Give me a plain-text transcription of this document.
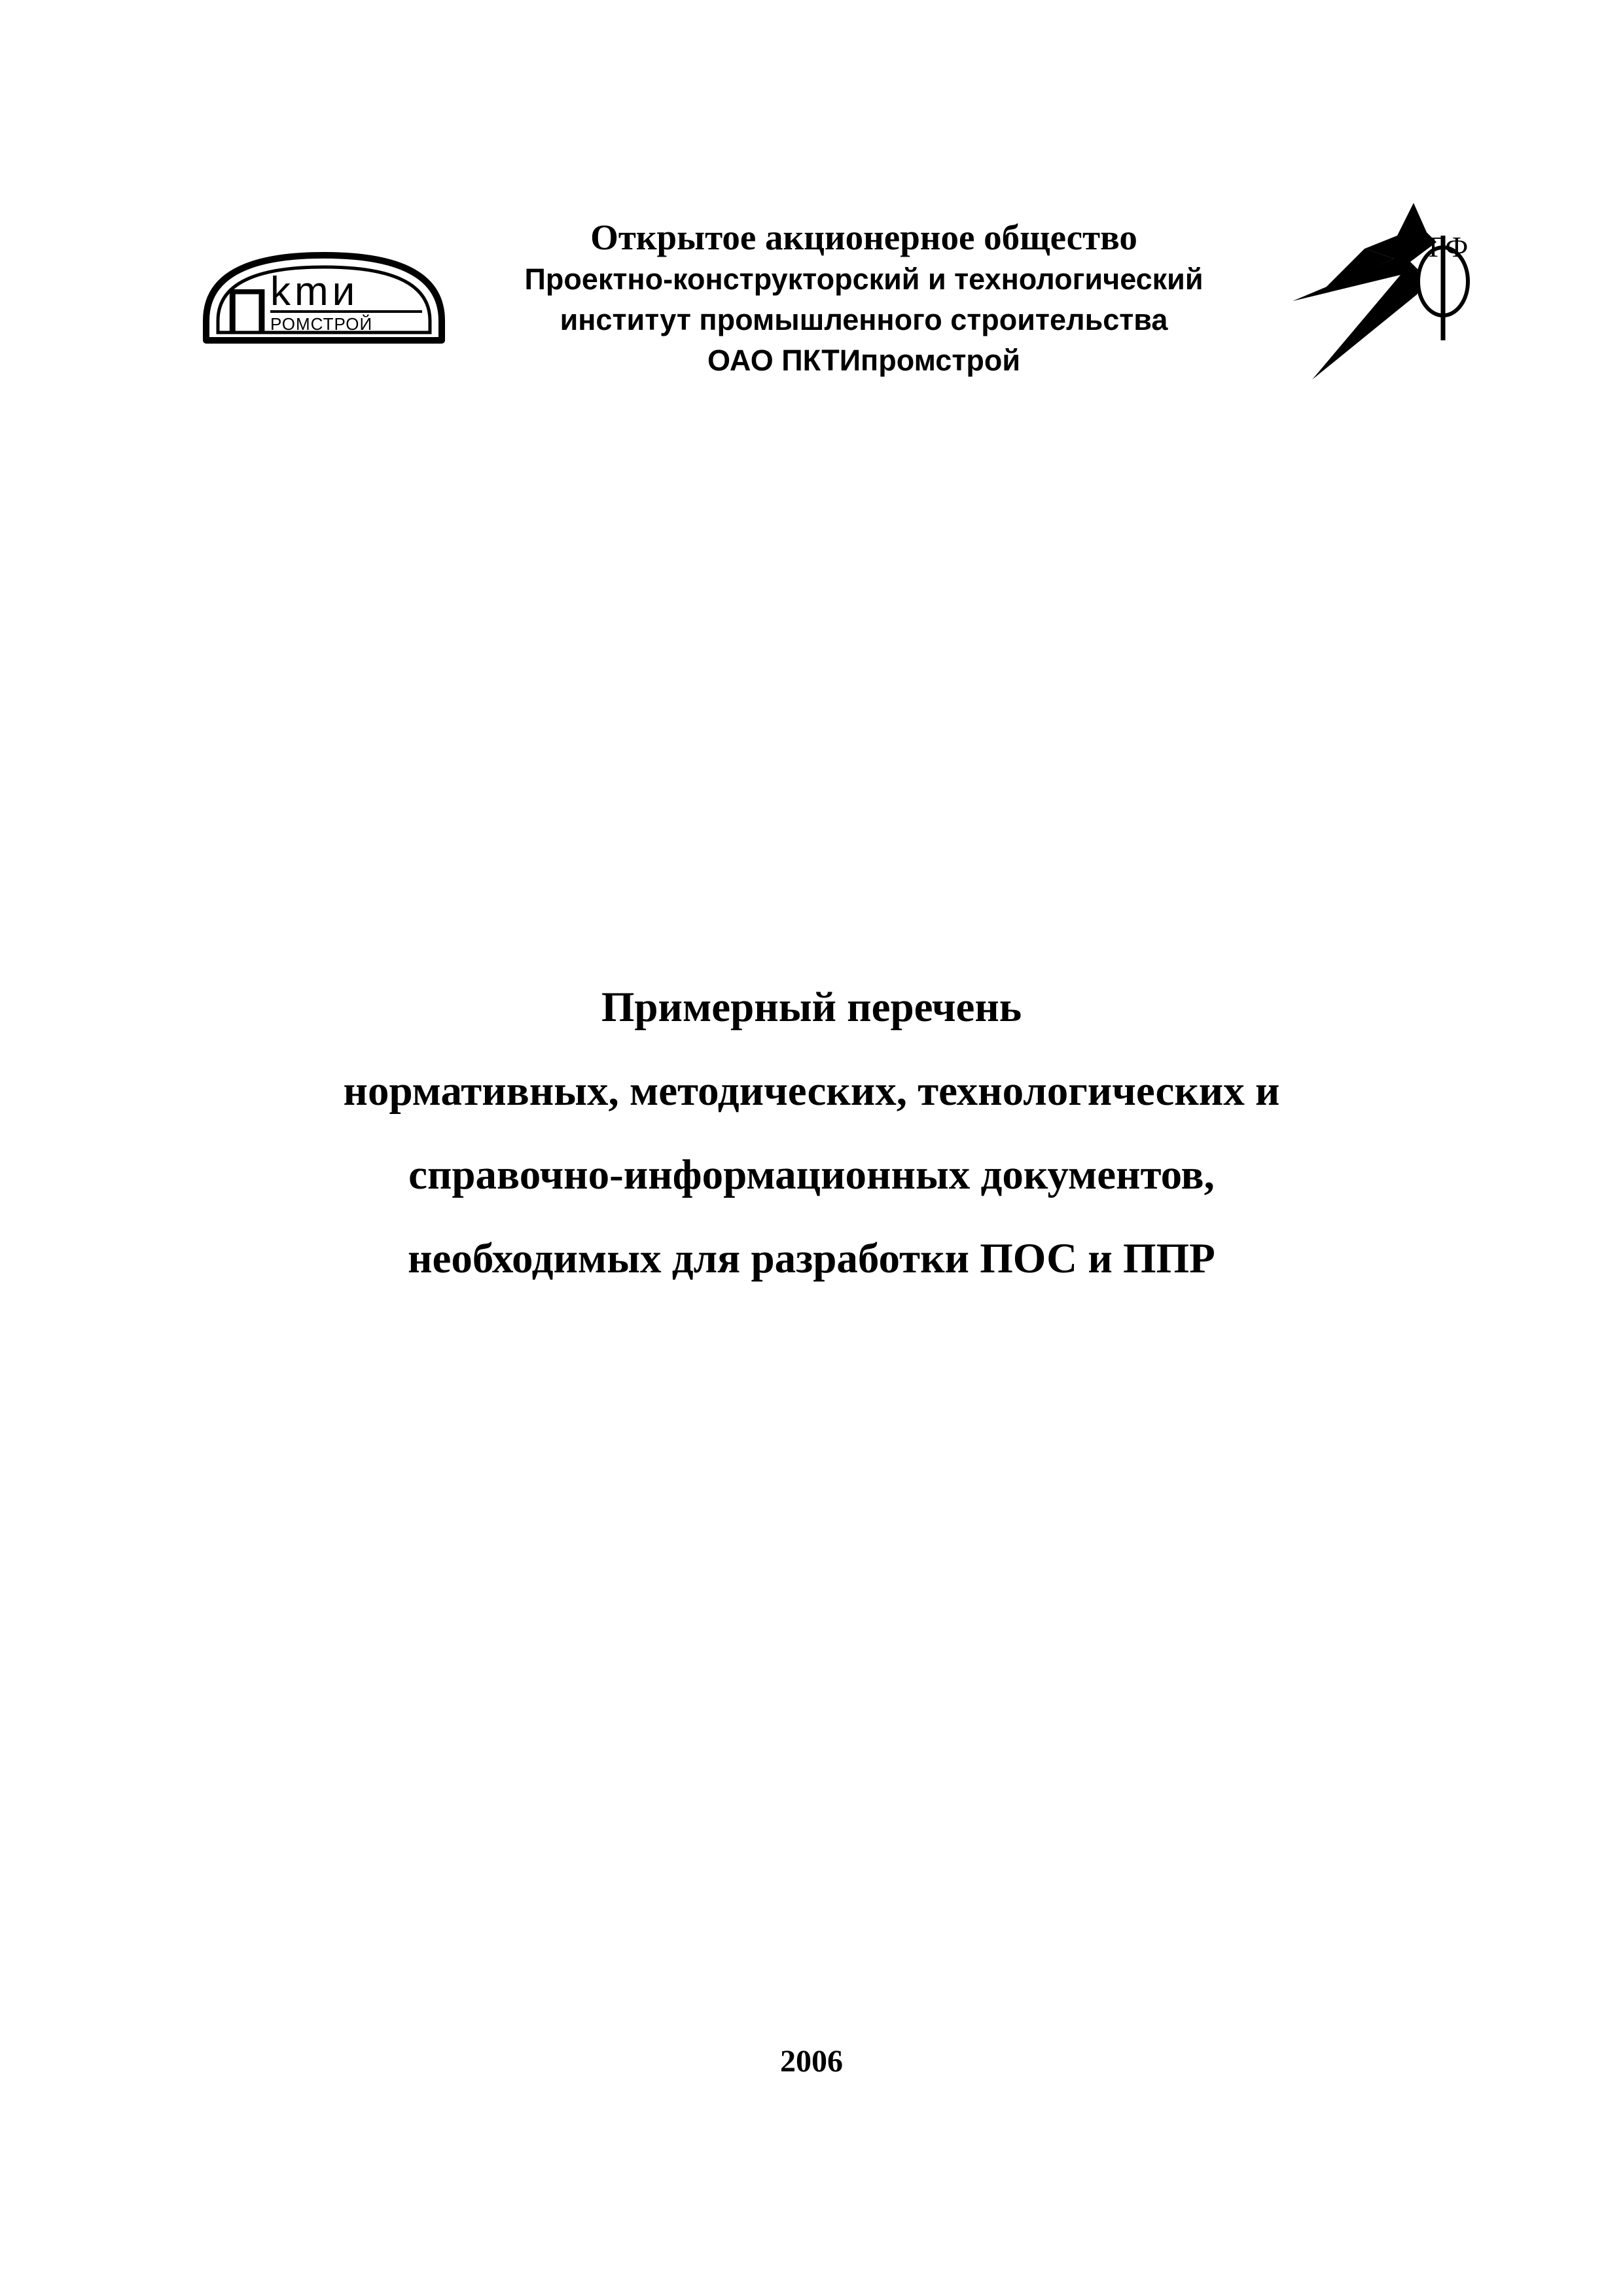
П kmи
РОМСТРОЙ

Открытое акционерное общество

Проектно-конструкторский и технологический

институт промышленного строительства

ОАО ПКТИпромстрой

ГФ

Примерный перечень

нормативных, методических, технологических и

справочно-информационных документов,

необходимых для разработки ПОС и ППР

2006
